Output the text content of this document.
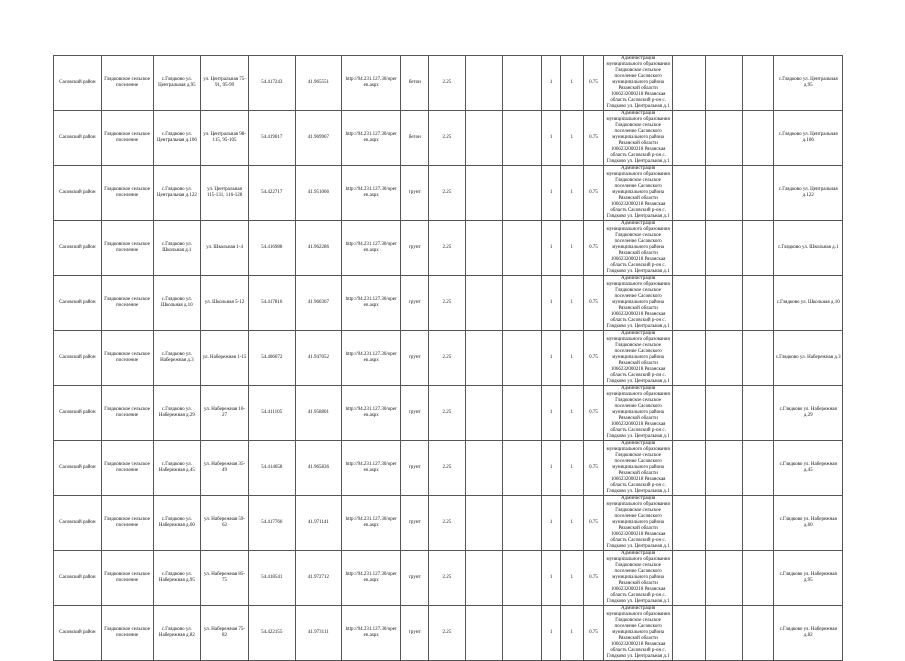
Сасовский район	Глядковское сельское поселение	с.Глядково ул. Центральная д.95	ул. Центральная 75-91, 95-99	54.417243	41.965551	http://94.231.127.30/oper en.aspx	бетон	2.25			1	1	0.75	Администрация муниципального образования Глядковское сельское поселение Сасовского муниципального района Рязанской области 1066232000218 Рязанская область Сасовский р-он с. Глядково ул. Центральная д.1				с.Глядково ул. Центральная д.95
Сасовский район	Глядковское сельское поселение	с.Глядково ул. Центральная д.106	ул. Центральная 98-115, 95-105	54.419017	41.969967	http://94.231.127.30/oper en.aspx	бетон	2.25			1	1	0.75	Администрация муниципального образования Глядковское сельское поселение Сасовского муниципального района Рязанской области 1066232000218 Рязанская область Сасовский р-он с. Глядково ул. Центральная д.1				с.Глядково ул. Центральная д.106
Сасовский район	Глядковское сельское поселение	с.Глядково ул. Центральная д.122	ул. Центральная 115-131, 116-128	54.422717	41.951066	http://94.231.127.30/oper en.aspx	грунт	2.25			1	1	0.75	Администрация муниципального образования Глядковское сельское поселение Сасовского муниципального района Рязанской области 1066232000218 Рязанская область Сасовский р-он с. Глядково ул. Центральная д.1				с.Глядково ул. Центральная д.122
Сасовский район	Глядковское сельское поселение	с.Глядково ул. Школьная д.1	ул. Школьная 1-4	54.416988	41.962286	http://94.231.127.30/oper en.aspx	грунт	2.25			1	1	0.75	Администрация муниципального образования Глядковское сельское поселение Сасовского муниципального района Рязанской области 1066232000218 Рязанская область Сасовский р-он с. Глядково ул. Центральная д.1				с.Глядково ул. Школьная д.1
Сасовский район	Глядковское сельское поселение	с.Глядково ул. Школьная д.10	ул. Школьная 5-12	54.417816	41.960367	http://94.231.127.30/oper en.aspx	грунт	2.25			1	1	0.75	Администрация муниципального образования Глядковское сельское поселение Сасовского муниципального района Рязанской области 1066232000218 Рязанская область Сасовский р-он с. Глядково ул. Центральная д.1				с.Глядково ул. Школьная д.10
Сасовский район	Глядковское сельское поселение	с.Глядково ул. Набережная д.3	ул. Набережная 1-15	54.406672	41.947052	http://94.231.127.30/oper en.aspx	грунт	2.25			1	1	0.75	Администрация муниципального образования Глядковское сельское поселение Сасовского муниципального района Рязанской области 1066232000218 Рязанская область Сасовский р-он с. Глядково ул. Центральная д.1				с.Глядково ул. Набережная д.3
Сасовский район	Глядковское сельское поселение	с.Глядково ул. Набережная д.29	ул. Набережная 16-27	54.411105	41.958801	http://94.231.127.30/oper en.aspx	грунт	2.25			1	1	0.75	Администрация муниципального образования Глядковское сельское поселение Сасовского муниципального района Рязанской области 1066232000218 Рязанская область Сасовский р-он с. Глядково ул. Центральная д.1				с.Глядково ул. Набережная д.29
Сасовский район	Глядковское сельское поселение	с.Глядково ул. Набережная д.45	ул. Набережная 35-49	54.414658	41.965836	http://94.231.127.30/oper en.aspx	грунт	2.25			1	1	0.75	Администрация муниципального образования Глядковское сельское поселение Сасовского муниципального района Рязанской области 1066232000218 Рязанская область Сасовский р-он с. Глядково ул. Центральная д.1				с.Глядково ул. Набережная д.45
Сасовский район	Глядковское сельское поселение	с.Глядково ул. Набережная д.60	ул. Набережная 59-62	54.417766	41.971141	http://94.231.127.30/oper en.aspx	грунт	2.25			1	1	0.75	Администрация муниципального образования Глядковское сельское поселение Сасовского муниципального района Рязанской области 1066232000218 Рязанская область Сасовский р-он с. Глядково ул. Центральная д.1				с.Глядково ул. Набережная д.60
Сасовский район	Глядковское сельское поселение	с.Глядково ул. Набережная д.95	ул. Набережная 85-75	54.418541	41.972712	http://94.231.127.30/oper en.aspx	грунт	2.25			1	1	0.75	Администрация муниципального образования Глядковское сельское поселение Сасовского муниципального района Рязанской области 1066232000218 Рязанская область Сасовский р-он с. Глядково ул. Центральная д.1				с.Глядково ул. Набережная д.95
Сасовский район	Глядковское сельское поселение	с.Глядково ул. Набережная д.82	ул. Набережная 75-82	54.422155	41.973111	http://94.231.127.30/oper en.aspx	грунт	2.25			1	1	0.75	Администрация муниципального образования Глядковское сельское поселение Сасовского муниципального района Рязанской области 1066232000218 Рязанская область Сасовский р-он с. Глядково ул. Центральная д.1				с.Глядково ул. Набережная д.82
